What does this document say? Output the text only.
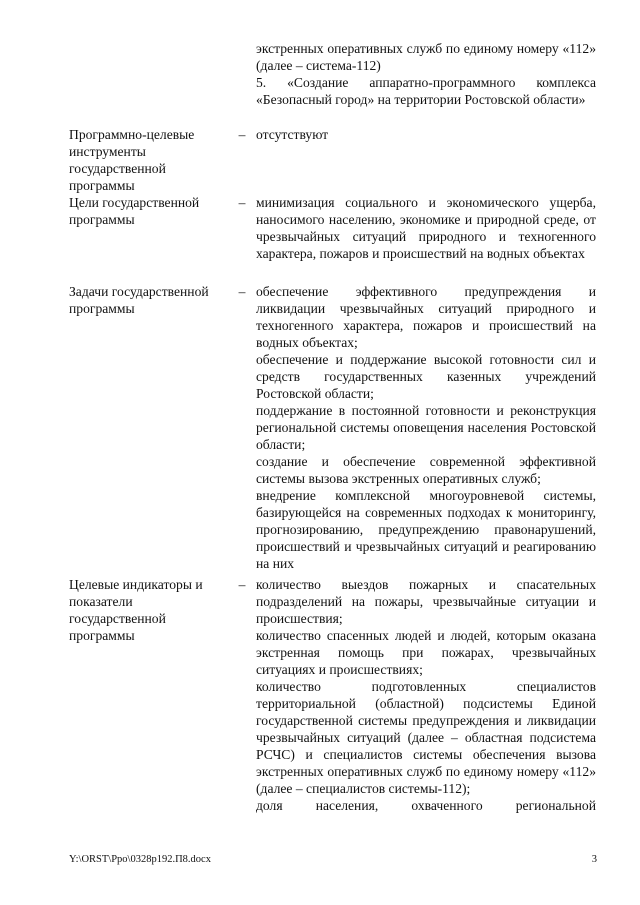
экстренных оперативных служб по единому номеру «112» (далее – система-112)

5. «Создание аппаратно-программного комплекса «Безопасный город» на территории Ростовской области»

Программно-целевые инструменты государственной программы
– отсутствуют

Цели государственной программы
– минимизация социального и экономического ущерба, наносимого населению, экономике и природной среде, от чрезвычайных ситуаций природного и техногенного характера, пожаров и происшествий на водных объектах

Задачи государственной программы
– обеспечение эффективного предупреждения и ликвидации чрезвычайных ситуаций природного и техногенного характера, пожаров и происшествий на водных объектах;

обеспечение и поддержание высокой готовности сил и средств государственных казенных учреждений Ростовской области;

поддержание в постоянной готовности и реконструкция региональной системы оповещения населения Ростовской области;

создание и обеспечение современной эффективной системы вызова экстренных оперативных служб;

внедрение комплексной многоуровневой системы, базирующейся на современных подходах к мониторингу, прогнозированию, предупреждению правонарушений, происшествий и чрезвычайных ситуаций и реагированию на них

Целевые индикаторы и показатели государственной программы
– количество выездов пожарных и спасательных подразделений на пожары, чрезвычайные ситуации и происшествия;

количество спасенных людей и людей, которым оказана экстренная помощь при пожарах, чрезвычайных ситуациях и происшествиях;

количество подготовленных специалистов территориальной (областной) подсистемы Единой государственной системы предупреждения и ликвидации чрезвычайных ситуаций (далее – областная подсистема РСЧС) и специалистов системы обеспечения вызова экстренных оперативных служб по единому номеру «112» (далее – специалистов системы-112);

доля населения, охваченного региональной

Y:\ORST\Ppo\0328p192.П8.docx	3
